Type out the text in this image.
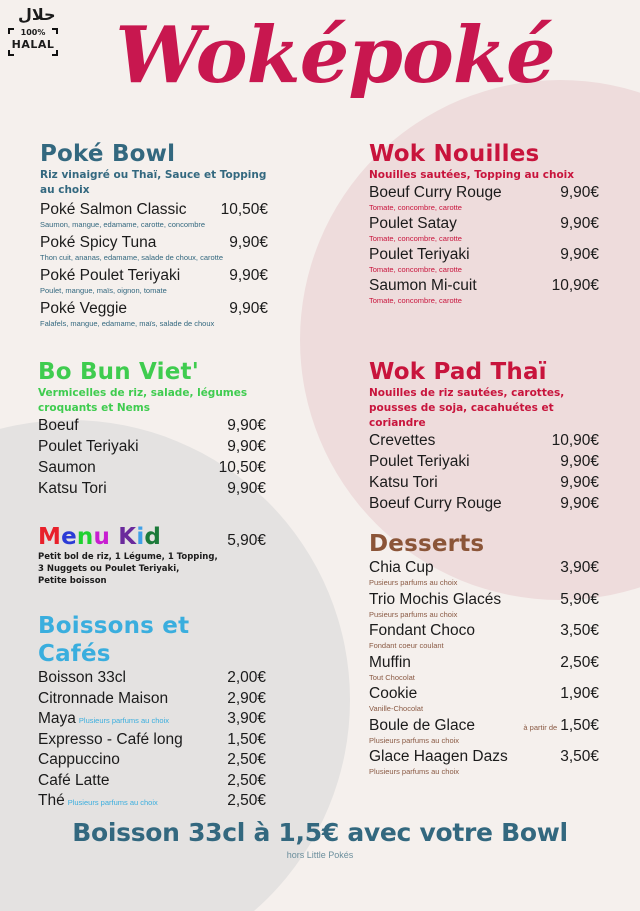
حلال
100%
HALAL Woképoké
Poké Bowl
Riz vinaigré ou Thaï, Sauce et Topping au choix
Poké Salmon Classic	10,50€
Saumon, mangue, edamame, carotte, concombre
Poké Spicy Tuna	9,90€
Thon cuit, ananas, edamame, salade de choux, carotte
Poké Poulet Teriyaki	9,90€
Poulet, mangue, maïs, oignon, tomate
Poké Veggie	9,90€
Falafels, mangue, edamame, maïs, salade de choux
Wok Nouilles
Nouilles sautées, Topping au choix
Boeuf Curry Rouge	9,90€
Tomate, concombre, carotte
Poulet Satay	9,90€
Tomate, concombre, carotte
Poulet Teriyaki	9,90€
Tomate, concombre, carotte
Saumon Mi-cuit	10,90€
Tomate, concombre, carotte
Bo Bun Viet'
Vermicelles de riz, salade, légumes croquants et Nems
Boeuf	9,90€
Poulet Teriyaki	9,90€
Saumon	10,50€
Katsu Tori	9,90€
Wok Pad Thaï
Nouilles de riz sautées, carottes, pousses de soja, cacahuétes et coriandre
Crevettes	10,90€
Poulet Teriyaki	9,90€
Katsu Tori	9,90€
Boeuf Curry Rouge	9,90€
Menu Kid	5,90€
Petit bol de riz, 1 Légume, 1 Topping,
3 Nuggets ou Poulet Teriyaki,
Petite boisson
Boissons et Cafés
Boisson 33cl	2,00€
Citronnade Maison	2,90€
Maya Plusieurs parfums au choix	3,90€
Expresso - Café long	1,50€
Cappuccino	2,50€
Café Latte	2,50€
Thé Plusieurs parfums au choix	2,50€
Desserts
Chia Cup	3,90€
Pusieurs parfums au choix
Trio Mochis Glacés	5,90€
Pusieurs parfums au choix
Fondant Choco	3,50€
Fondant coeur coulant
Muffin	2,50€
Tout Chocolat
Cookie	1,90€
Vanille-Chocolat
Boule de Glace	à partir de 1,50€
Plusieurs parfums au choix
Glace Haagen Dazs	3,50€
Plusieurs parfums au choix
Boisson 33cl à 1,5€ avec votre Bowl
hors Little Pokés
